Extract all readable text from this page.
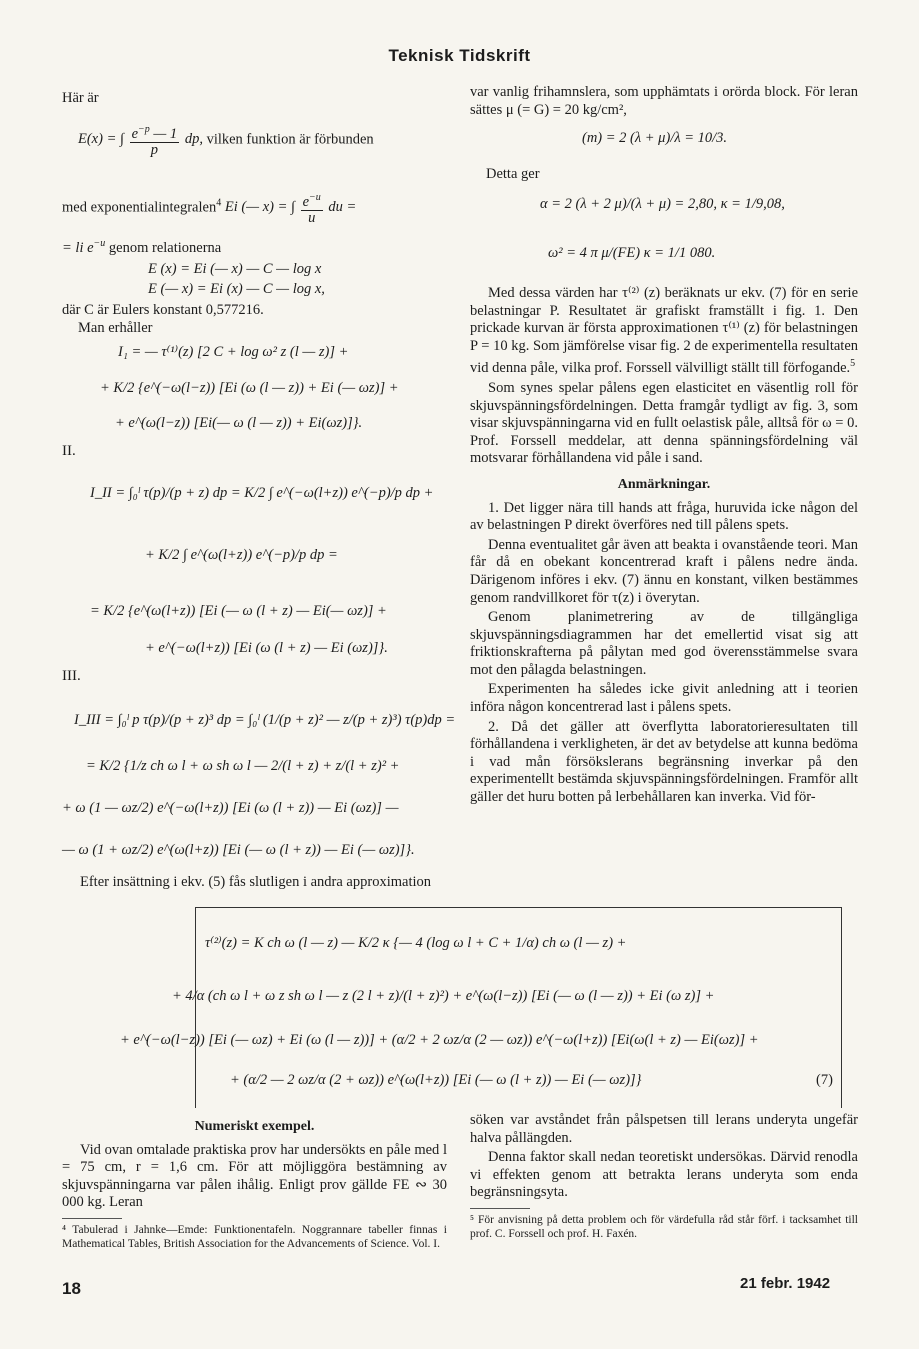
Teknisk Tidskrift

Här är

E(x) = ∫ $\frac{e^{-p} — 1}{p}$ dp, vilken funktion är förbunden
med exponentialintegralen$^4$ Ei (— x) = ∫ $\frac{e^{-u}}{u}$ du =
= li $e^{-u}$ genom relationerna
E (x) = Ei (— x) — C — log x
E (— x) = Ei (x) — C — log x,
där C är Eulers konstant 0,577216.
Man erhåller
I₁ = — τ⁽¹⁾(z) [2 C + log ω² z (l — z)] +
+ K/2 {e^(−ω(l−z)) [Ei (ω (l — z)) + Ei (— ωz)] +
+ e^(ω(l−z)) [Ei(— ω (l — z)) + Ei(ωz)]}.
II.
I_II = ∫₀ˡ τ(p)/(p + z) dp = K/2 ∫ e^(−ω(l+z)) e^(−p)/p dp +
+ K/2 ∫ e^(ω(l+z)) e^(−p)/p dp =
= K/2 {e^(ω(l+z)) [Ei (— ω (l + z) — Ei(— ωz)] +
+ e^(−ω(l+z)) [Ei (ω (l + z) — Ei (ωz)]}.
III.
I_III = ∫₀ˡ p τ(p)/(p + z)³ dp = ∫₀ˡ (1/(p + z)² — z/(p + z)³) τ(p)dp =
= K/2 {1/z ch ω l + ω sh ω l — 2/(l + z) + z/(l + z)² +
+ ω (1 — ωz/2) e^(−ω(l+z)) [Ei (ω (l + z)) — Ei (ωz)] —
— ω (1 + ωz/2) e^(ω(l+z)) [Ei (— ω (l + z)) — Ei (— ωz)]}.

Efter insättning i ekv. (5) fås slutligen i andra approximation

var vanlig frihamnslera, som upphämtats i orörda block. För leran sättes μ (= G) = 20 kg/cm²,

(m) = 2 (λ + μ)/λ = 10/3.
Detta ger
α = 2 (λ + 2 μ)/(λ + μ) = 2,80, κ = 1/9,08,
ω² = 4 π μ/(FE) κ = 1/1 080.

Med dessa värden har τ⁽²⁾ (z) beräknats ur ekv. (7) för en serie belastningar P. Resultatet är grafiskt framställt i fig. 1. Den prickade kurvan är första approximationen τ⁽¹⁾ (z) för belastningen P = 10 kg. Som jämförelse visar fig. 2 de experimentella resultaten vid denna påle, vilka prof. Forssell välvilligt ställt till förfogande.$^5$

Som synes spelar pålens egen elasticitet en väsentlig roll för skjuvspänningsfördelningen. Detta framgår tydligt av fig. 3, som visar skjuvspänningarna vid en fullt oelastisk påle, alltså för ω = 0. Prof. Forssell meddelar, att denna spänningsfördelning väl motsvarar förhållandena vid påle i sand.

Anmärkningar.

1. Det ligger nära till hands att fråga, huruvida icke någon del av belastningen P direkt överföres ned till pålens spets.

Denna eventualitet går även att beakta i ovanstående teori. Man får då en obekant koncentrerad kraft i pålens nedre ända. Därigenom införes i ekv. (7) ännu en konstant, vilken bestämmes genom randvillkoret för τ(z) i överytan.

Genom planimetrering av de tillgängliga skjuvspänningsdiagrammen har det emellertid visat sig att friktionskrafterna på pålytan med god överensstämmelse svara mot den pålagda belastningen.

Experimenten ha således icke givit anledning att i teorien införa någon koncentrerad last i pålens spets.

2. Då det gäller att överflytta laboratorieresultaten till förhållandena i verkligheten, är det av betydelse att kunna bedöma i vad mån försökslerans begränsning inverkar på den experimentellt bestämda skjuvspänningsfördelningen. Framför allt gäller det huru botten på lerbehållaren kan inverka. Vid för-

τ⁽²⁾(z) = K ch ω (l — z) — K/2 κ {— 4 (log ω l + C + 1/α) ch ω (l — z) +
+ 4/α (ch ω l + ω z sh ω l — z (2 l + z)/(l + z)²) + e^(ω(l−z)) [Ei (— ω (l — z)) + Ei (ω z)] +
+ e^(−ω(l−z)) [Ei (— ωz) + Ei (ω (l — z))] + (α/2 + 2 ωz/α (2 — ωz)) e^(−ω(l+z)) [Ei(ω(l + z) — Ei(ωz)] +
+ (α/2 — 2 ωz/α (2 + ωz)) e^(ω(l+z)) [Ei (— ω (l + z)) — Ei (— ωz)]}	(7)
Numeriskt exempel.

Vid ovan omtalade praktiska prov har undersökts en påle med l = 75 cm, r = 1,6 cm. För att möjliggöra bestämning av skjuvspänningarna var pålen ihålig. Enligt prov gällde FE ∾ 30 000 kg. Leran

⁴ Tabulerad i Jahnke—Emde: Funktionentafeln. Noggrannare tabeller finnas i Mathematical Tables, British Association for the Advancements of Science. Vol. I.

söken var avståndet från pålspetsen till lerans underyta ungefär halva pållängden.

Denna faktor skall nedan teoretiskt undersökas. Därvid renodla vi effekten genom att betrakta lerans underyta som enda begränsningsyta.

⁵ För anvisning på detta problem och för värdefulla råd står förf. i tacksamhet till prof. C. Forssell och prof. H. Faxén.

18	21 febr. 1942
